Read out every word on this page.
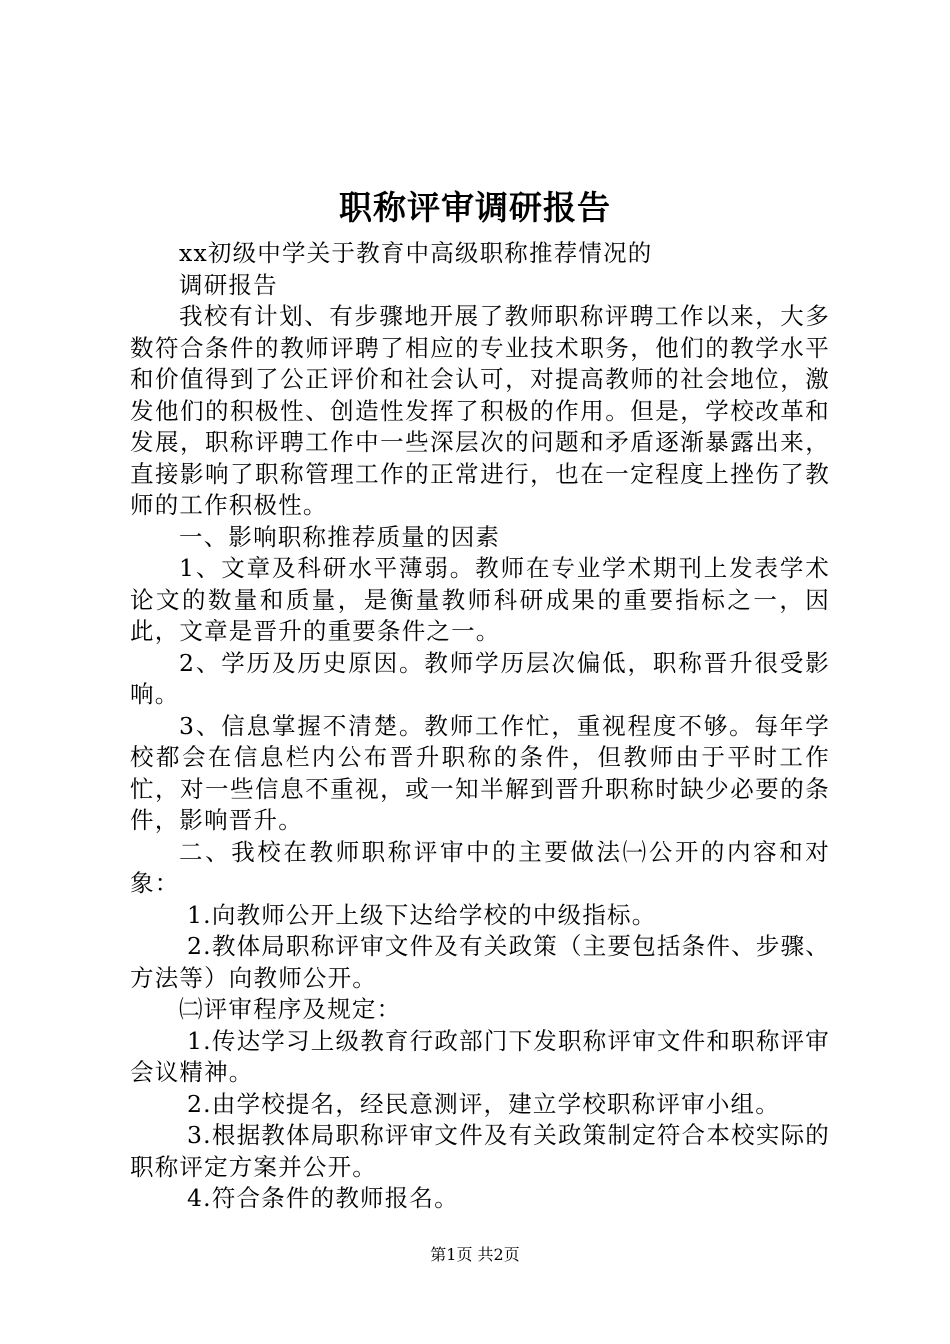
职称评审调研报告

xx初级中学关于教育中高级职称推荐情况的

调研报告

我校有计划、有步骤地开展了教师职称评聘工作以来，大多数符合条件的教师评聘了相应的专业技术职务，他们的教学水平和价值得到了公正评价和社会认可，对提高教师的社会地位，激发他们的积极性、创造性发挥了积极的作用。但是，学校改革和发展，职称评聘工作中一些深层次的问题和矛盾逐渐暴露出来，直接影响了职称管理工作的正常进行，也在一定程度上挫伤了教师的工作积极性。

一、影响职称推荐质量的因素

1、文章及科研水平薄弱。教师在专业学术期刊上发表学术论文的数量和质量，是衡量教师科研成果的重要指标之一，因此，文章是晋升的重要条件之一。

2、学历及历史原因。教师学历层次偏低，职称晋升很受影响。

3、信息掌握不清楚。教师工作忙，重视程度不够。每年学校都会在信息栏内公布晋升职称的条件，但教师由于平时工作忙，对一些信息不重视，或一知半解到晋升职称时缺少必要的条件，影响晋升。

二、我校在教师职称评审中的主要做法㈠公开的内容和对象：

1.向教师公开上级下达给学校的中级指标。

2.教体局职称评审文件及有关政策（主要包括条件、步骤、方法等）向教师公开。

㈡评审程序及规定：

1.传达学习上级教育行政部门下发职称评审文件和职称评审会议精神。

2.由学校提名，经民意测评，建立学校职称评审小组。

3.根据教体局职称评审文件及有关政策制定符合本校实际的职称评定方案并公开。

4.符合条件的教师报名。

第1页 共2页
